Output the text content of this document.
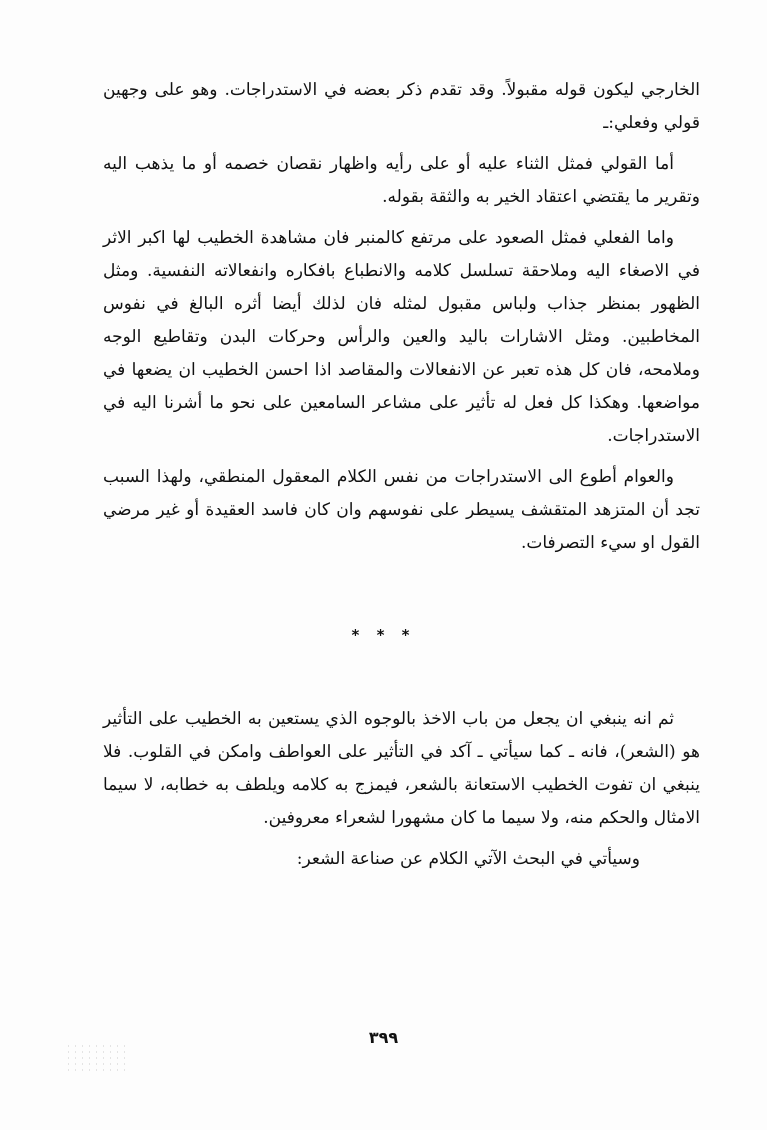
الخارجي ليكون قوله مقبولاً. وقد تقدم ذكر بعضه في الاستدراجات. وهو على وجهين قولي وفعلي:ـ

أما القولي فمثل الثناء عليه أو على رأيه واظهار نقصان خصمه أو ما يذهب اليه وتقرير ما يقتضي اعتقاد الخير به والثقة بقوله.

واما الفعلي فمثل الصعود على مرتفع كالمنبر فان مشاهدة الخطيب لها اكبر الاثر في الاصغاء اليه وملاحقة تسلسل كلامه والانطباع بافكاره وانفعالاته النفسية. ومثل الظهور بمنظر جذاب ولباس مقبول لمثله فان لذلك أيضا أثره البالغ في نفوس المخاطبين. ومثل الاشارات باليد والعين والرأس وحركات البدن وتقاطيع الوجه وملامحه، فان كل هذه تعبر عن الانفعالات والمقاصد اذا احسن الخطيب ان يضعها في مواضعها. وهكذا كل فعل له تأثير على مشاعر السامعين على نحو ما أشرنا اليه في الاستدراجات.

والعوام أطوع الى الاستدراجات من نفس الكلام المعقول المنطقي، ولهذا السبب تجد أن المتزهد المتقشف يسيطر على نفوسهم وان كان فاسد العقيدة أو غير مرضي القول او سيء التصرفات.

* * *

ثم انه ينبغي ان يجعل من باب الاخذ بالوجوه الذي يستعين به الخطيب على التأثير هو (الشعر)، فانه ـ كما سيأتي ـ آكد في التأثير على العواطف وامكن في القلوب. فلا ينبغي ان تفوت الخطيب الاستعانة بالشعر، فيمزج به كلامه ويلطف به خطابه، لا سيما الامثال والحكم منه، ولا سيما ما كان مشهورا لشعراء معروفين.

وسيأتي في البحث الآتي الكلام عن صناعة الشعر:

٣٩٩
